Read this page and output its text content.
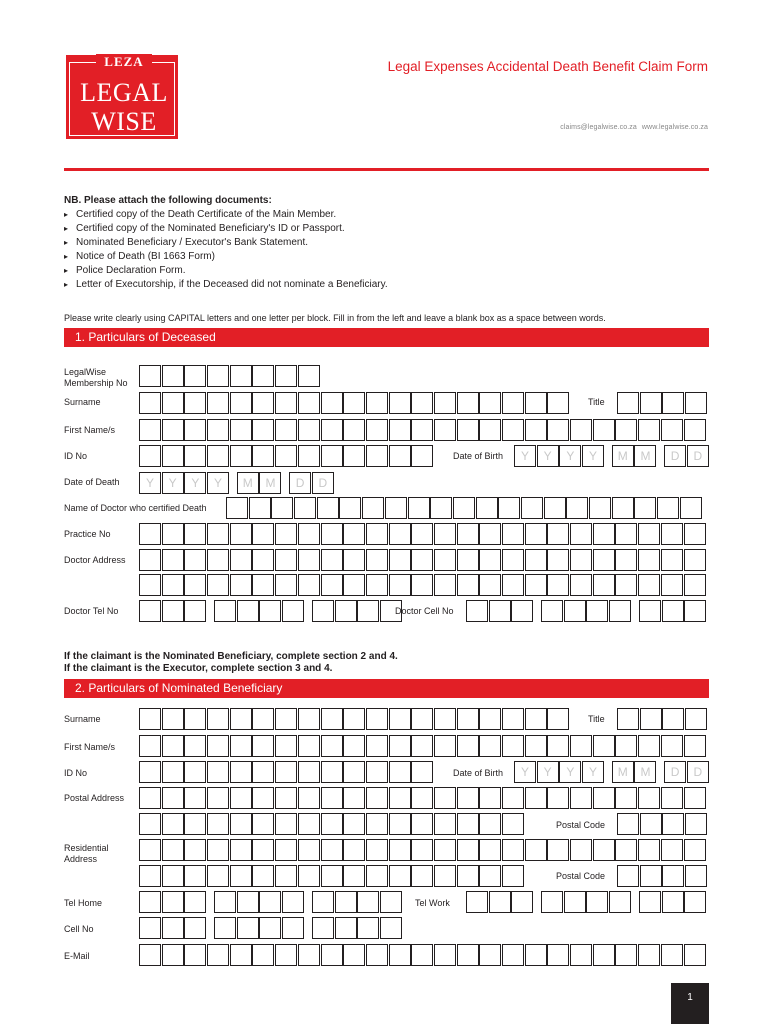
LEZA
LEGAL
WISE
Legal Expenses Accidental Death Benefit Claim Form
claims@legalwise.co.za www.legalwise.co.za
NB. Please attach the following documents:
▸ Certified copy of the Death Certificate of the Main Member.
▸ Certified copy of the Nominated Beneficiary's ID or Passport.
▸ Nominated Beneficiary / Executor's Bank Statement.
▸ Notice of Death (BI 1663 Form)
▸ Police Declaration Form.
▸ Letter of Executorship, if the Deceased did not nominate a Beneficiary.
Please write clearly using CAPITAL letters and one letter per block. Fill in from the left and leave a blank box as a space between words.
1. Particulars of Deceased
LegalWise
Membership No
Surname	Title
First Name/s
ID No	Date of Birth	Y	Y	Y	Y	M	M	D	D
Date of Death	Y	Y	Y	Y	M	M	D	D
Name of Doctor who certified Death
Practice No
Doctor Address
Doctor Tel No	Doctor Cell No
If the claimant is the Nominated Beneficiary, complete section 2 and 4.
If the claimant is the Executor, complete section 3 and 4.
2. Particulars of Nominated Beneficiary
Surname	Title
First Name/s
ID No	Date of Birth	Y	Y	Y	Y	M	M	D	D
Postal Address
Postal Code
Residential
Address
Postal Code
Tel Home	Tel Work
Cell No
E-Mail
1
